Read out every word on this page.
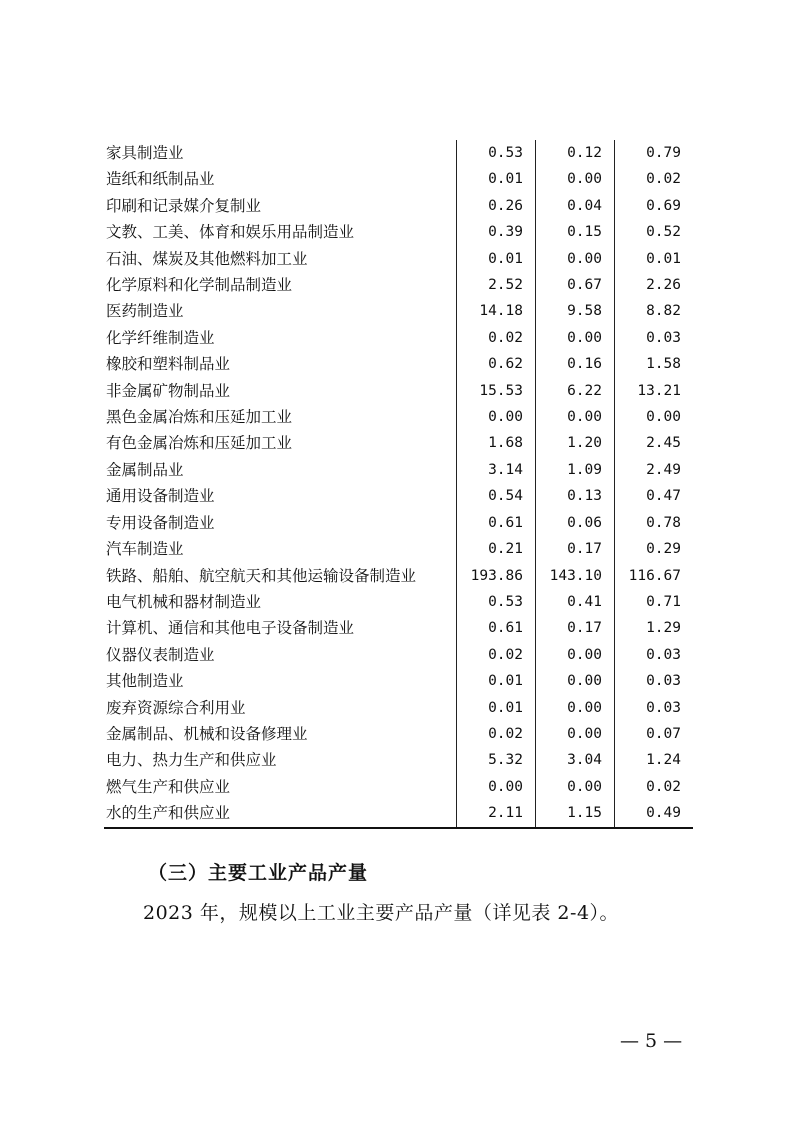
家具制造业	0.53	0.12	0.79
造纸和纸制品业	0.01	0.00	0.02
印刷和记录媒介复制业	0.26	0.04	0.69
文教、工美、体育和娱乐用品制造业	0.39	0.15	0.52
石油、煤炭及其他燃料加工业	0.01	0.00	0.01
化学原料和化学制品制造业	2.52	0.67	2.26
医药制造业	14.18	9.58	8.82
化学纤维制造业	0.02	0.00	0.03
橡胶和塑料制品业	0.62	0.16	1.58
非金属矿物制品业	15.53	6.22	13.21
黑色金属冶炼和压延加工业	0.00	0.00	0.00
有色金属冶炼和压延加工业	1.68	1.20	2.45
金属制品业	3.14	1.09	2.49
通用设备制造业	0.54	0.13	0.47
专用设备制造业	0.61	0.06	0.78
汽车制造业	0.21	0.17	0.29
铁路、船舶、航空航天和其他运输设备制造业	193.86	143.10	116.67
电气机械和器材制造业	0.53	0.41	0.71
计算机、通信和其他电子设备制造业	0.61	0.17	1.29
仪器仪表制造业	0.02	0.00	0.03
其他制造业	0.01	0.00	0.03
废弃资源综合利用业	0.01	0.00	0.03
金属制品、机械和设备修理业	0.02	0.00	0.07
电力、热力生产和供应业	5.32	3.04	1.24
燃气生产和供应业	0.00	0.00	0.02
水的生产和供应业	2.11	1.15	0.49
（三）主要工业产品产量
2023 年，规模以上工业主要产品产量（详见表 2-4）。
— 5 —
